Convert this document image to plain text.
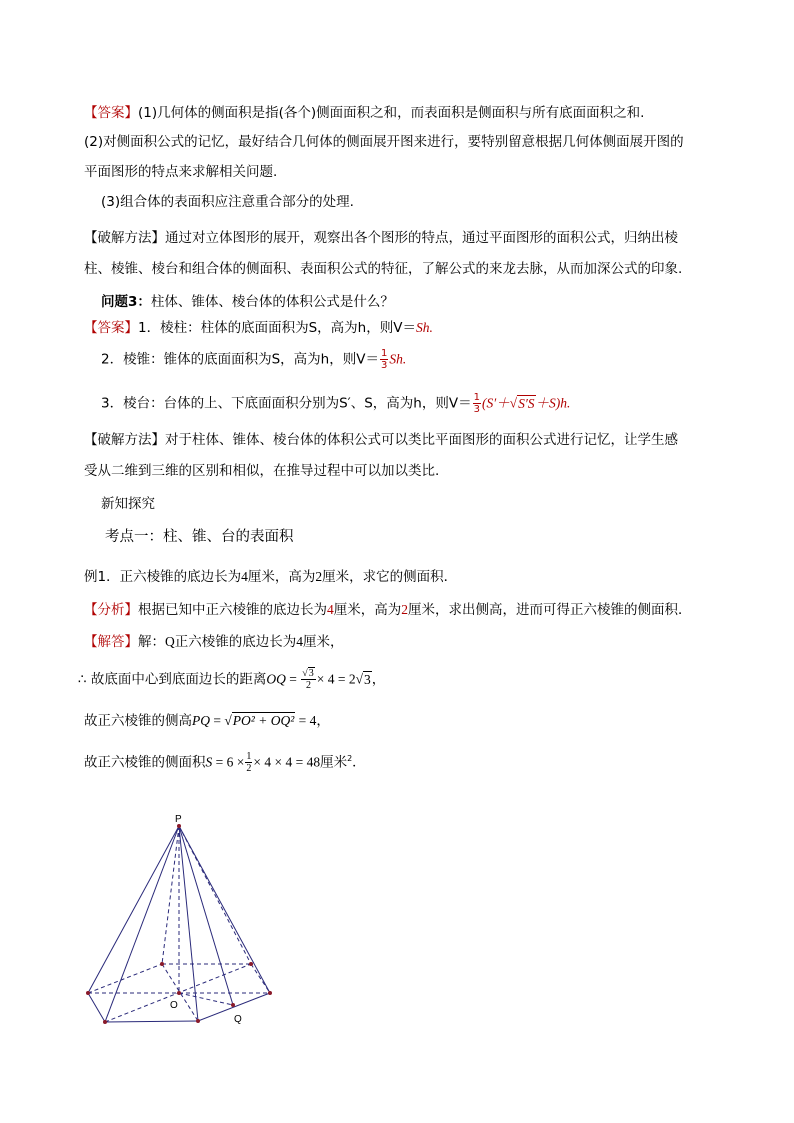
【答案】(1)几何体的侧面积是指(各个)侧面面积之和，而表面积是侧面积与所有底面面积之和.
(2)对侧面积公式的记忆，最好结合几何体的侧面展开图来进行，要特别留意根据几何体侧面展开图的
平面图形的特点来求解相关问题.
(3)组合体的表面积应注意重合部分的处理.
【破解方法】通过对立体图形的展开，观察出各个图形的特点，通过平面图形的面积公式，归纳出棱
柱、棱锥、棱台和组合体的侧面积、表面积公式的特征，了解公式的来龙去脉，从而加深公式的印象.
问题3：柱体、锥体、棱台体的体积公式是什么？
【答案】1．棱柱：柱体的底面面积为S，高为h，则V＝Sh.
2．棱锥：锥体的底面面积为S，高为h，则$V= \frac{1}{3} Sh$.
3．棱台：台体的上、下底面面积分别为S′、S，高为h，则$V= \frac{1}{3} (S'+√S'S+S)h$.
【破解方法】对于柱体、锥体、棱台体的体积公式可以类比平面图形的面积公式进行记忆，让学生感
受从二维到三维的区别和相似，在推导过程中可以加以类比.
新知探究
考点一：柱、锥、台的表面积
例1．正六棱锥的底边长为4厘米，高为2厘米，求它的侧面积．
【分析】根据已知中正六棱锥的底边长为4厘米，高为2厘米，求出侧高，进而可得正六棱锥的侧面积．
【解答】解：Q正六棱锥的底边长为4厘米，
∴ 故底面中心到底面边长的距离OQ = $\frac{√3}{2} \times 4 = 2√3$，
故正六棱锥的侧高PQ = √PO² + OQ² = 4，
故正六棱锥的侧面积$S = 6 \times \frac{1}{2} \times 4 \times 4 = 48$厘米$^2$．
P
O
Q
